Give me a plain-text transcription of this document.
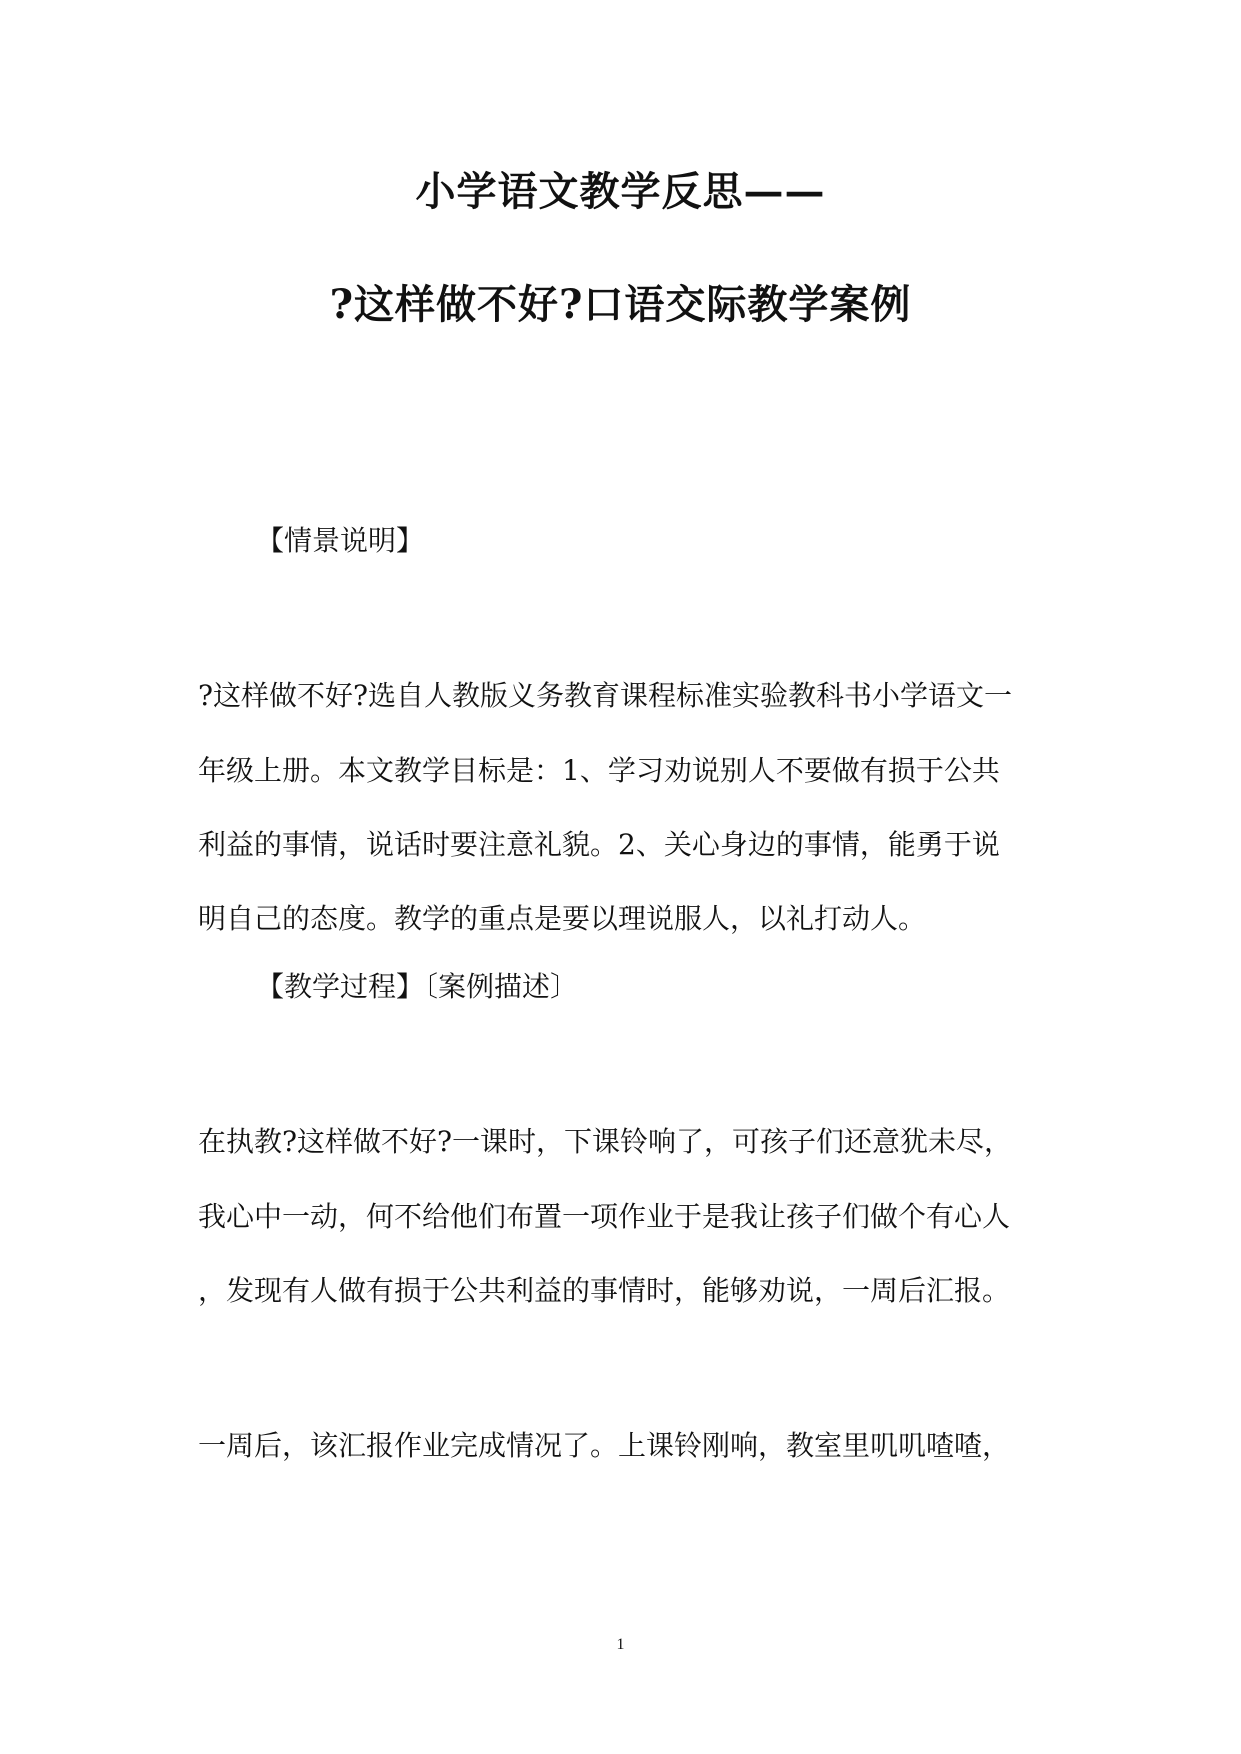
小学语文教学反思——
?这样做不好?口语交际教学案例
【情景说明】
?这样做不好?选自人教版义务教育课程标准实验教科书小学语文一
年级上册。本文教学目标是：1、学习劝说别人不要做有损于公共
利益的事情，说话时要注意礼貌。2、关心身边的事情，能勇于说
明自己的态度。教学的重点是要以理说服人，以礼打动人。
【教学过程】〔案例描述〕
在执教?这样做不好?一课时，下课铃响了，可孩子们还意犹未尽，
我心中一动，何不给他们布置一项作业于是我让孩子们做个有心人
，发现有人做有损于公共利益的事情时，能够劝说，一周后汇报。
一周后，该汇报作业完成情况了。上课铃刚响，教室里叽叽喳喳，
1
